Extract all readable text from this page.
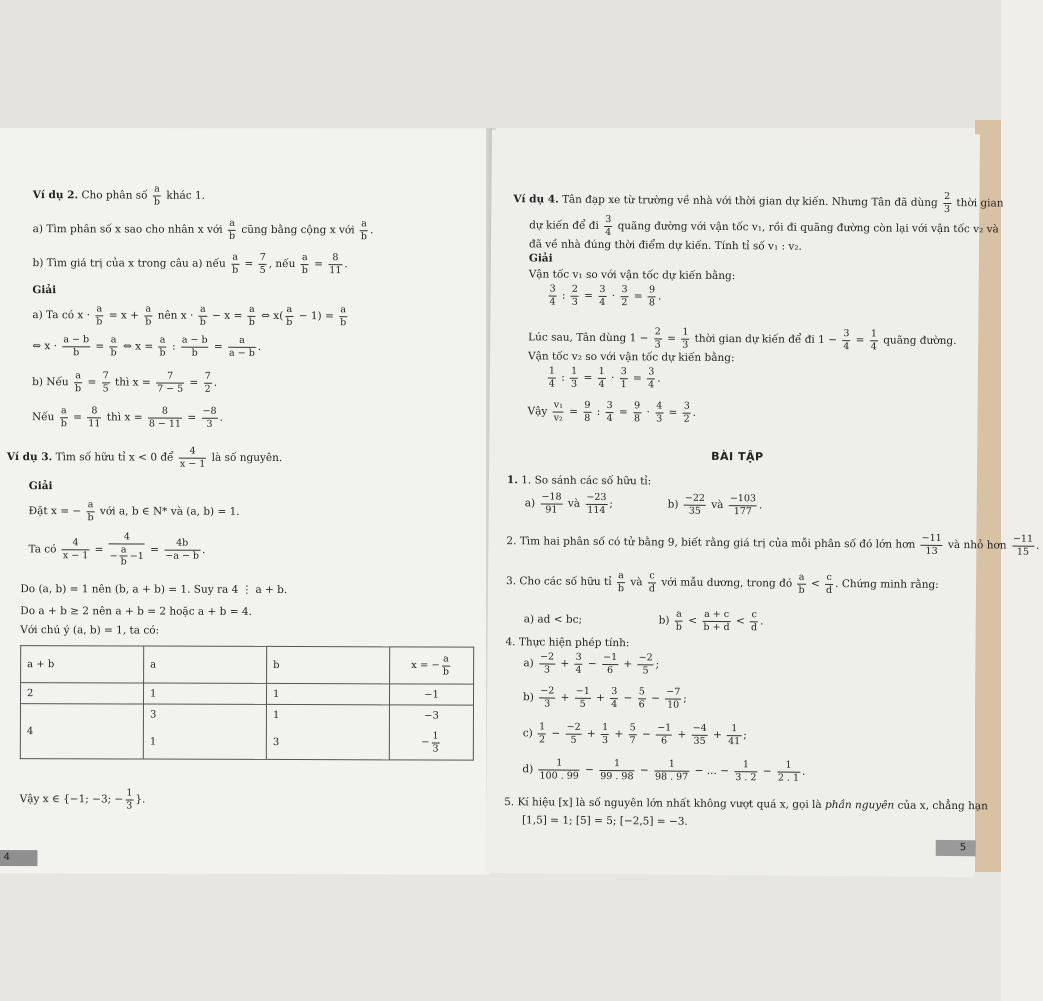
Ví dụ 2. Cho phân số $\frac{a}{b}$ khác 1.
a) Tìm phân số x sao cho nhân x với $\frac{a}{b}$ cũng bằng cộng x với $\frac{a}{b}$ .
b) Tìm giá trị của x trong câu a) nếu $\frac{a}{b} = \frac{7}{5}$ , nếu $\frac{a}{b} = \frac{8}{11}$ .
Giải
a) Ta có $x \cdot \frac{a}{b} = x + \frac{a}{b}$ nên $x \cdot \frac{a}{b} - x = \frac{a}{b}$ ⇔ $x( \frac{a}{b} - 1) = \frac{a}{b}$
⇔ $x \cdot \frac{a - b}{b} = \frac{a}{b}$ ⇔ $x = \frac{a}{b}$ : $\frac{a - b}{b} = \frac{a}{a - b}$ .
b) Nếu $\frac{a}{b} = \frac{7}{5}$ thì $x = \frac{7}{7 - 5} = \frac{7}{2}$ .
Nếu $\frac{a}{b} = \frac{8}{11}$ thì $x = \frac{8}{8 - 11} = \frac{-8}{3}$ .
Ví dụ 3. Tìm số hữu tỉ x < 0 để $\frac{4}{x - 1}$ là số nguyên.
Giải
Đặt x = − $\frac{a}{b}$ với a, b ∈ N* và (a, b) = 1.
Ta có $\frac{4}{x - 1} = \frac{4}{- \frac{a}{b} -1} = \frac{4b}{-a - b}$ .
Do (a, b) = 1 nên (b, a + b) = 1. Suy ra 4 ⋮ a + b.
Do a + b ≥ 2 nên a + b = 2 hoặc a + b = 4.
Với chú ý (a, b) = 1, ta có:
a + b	a	b	x = − $\frac{a}{b}$

2	1	1	−1
4	3	1	−3
	1	3	− $\frac{1}{3}$
Vậy x ∈ {−1; −3; − $\frac{1}{3}$ }.
4
Ví dụ 4. Tân đạp xe từ trường về nhà với thời gian dự kiến. Nhưng Tân đã dùng $\frac{2}{3}$ thời gian
dự kiến để đi $\frac{3}{4}$ quãng đường với vận tốc v₁, rồi đi quãng đường còn lại với vận tốc v₂ và
đã về nhà đúng thời điểm dự kiến. Tính tỉ số v₁ : v₂.
Giải
Vận tốc v₁ so với vận tốc dự kiến bằng:
$\frac{3}{4}$ : $\frac{2}{3} = \frac{3}{4} \cdot \frac{3}{2} = \frac{9}{8}$ .
Lúc sau, Tân dùng $1 - \frac{2}{3} = \frac{1}{3}$ thời gian dự kiến để đi $1 - \frac{3}{4} = \frac{1}{4}$ quãng đường.
Vận tốc v₂ so với vận tốc dự kiến bằng:
$\frac{1}{4}$ : $\frac{1}{3} = \frac{1}{4} \cdot \frac{3}{1} = \frac{3}{4}$ .
Vậy $\frac{\text{v₁}}{\text{v₂}} = \frac{9}{8}$ : $\frac{3}{4} = \frac{9}{8} \cdot \frac{4}{3} = \frac{3}{2}$ .
BÀI TẬP
1. 1. So sánh các số hữu tỉ:
$a) \frac{-18}{91}$ và $\frac{-23}{114}$ ;	$b) \frac{-22}{35}$ và $\frac{-103}{177}$ .
2. Tìm hai phân số có tử bằng 9, biết rằng giá trị của mỗi phân số đó lớn hơn $\frac{-11}{13}$ và nhỏ hơn $\frac{-11}{15}$ .
3. Cho các số hữu tỉ $\frac{a}{b}$ và $\frac{c}{d}$ với mẫu dương, trong đó $\frac{a}{b} < \frac{c}{d}$ . Chứng minh rằng:
a) ad < bc;	$b) \frac{a}{b} < \frac{a + c}{b + d} < \frac{c}{d}$ .
4. Thực hiện phép tính:
$a) \frac{-2}{3} + \frac{3}{4} - \frac{-1}{6} + \frac{-2}{5}$ ;
$b) \frac{-2}{3} + \frac{-1}{5} + \frac{3}{4} - \frac{5}{6} - \frac{-7}{10}$ ;
$c) \frac{1}{2} - \frac{-2}{5} + \frac{1}{3} + \frac{5}{7} - \frac{-1}{6} + \frac{-4}{35} + \frac{1}{41}$ ;
$d) \frac{1}{100 . 99} - \frac{1}{99 . 98} - \frac{1}{98 . 97}$ − ... − $\frac{1}{3 . 2} - \frac{1}{2 . 1}$ .
5. Kí hiệu [x] là số nguyên lớn nhất không vượt quá x, gọi là phần nguyên của x, chẳng hạn
[1,5] = 1; [5] = 5; [−2,5] = −3.
5
